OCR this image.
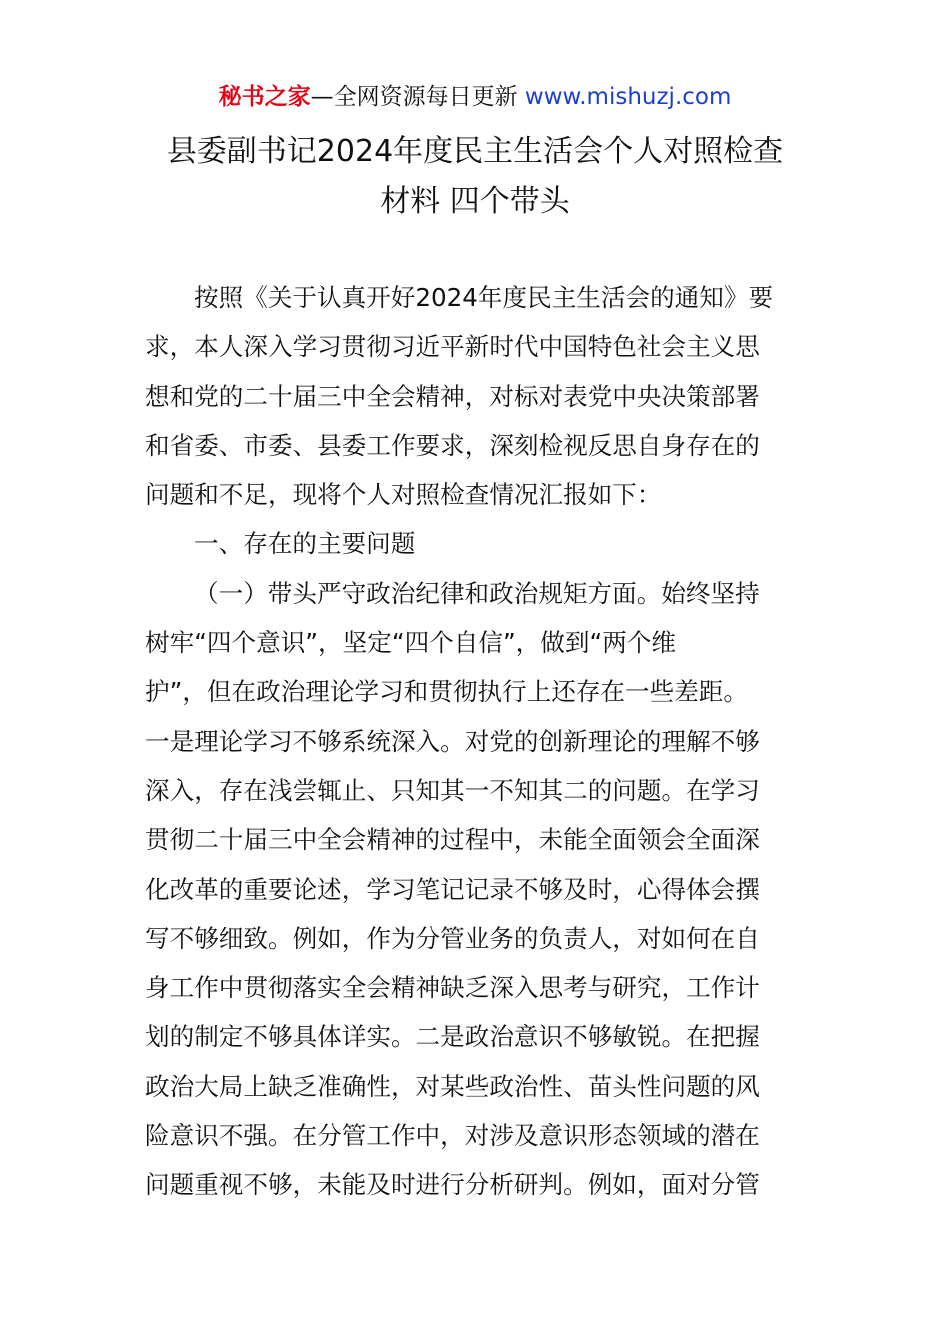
秘书之家—全网资源每日更新 www.mishuzj.com
县委副书记2024年度民主生活会个人对照检查
材料 四个带头
按照《关于认真开好2024年度民主生活会的通知》要
求，本人深入学习贯彻习近平新时代中国特色社会主义思
想和党的二十届三中全会精神，对标对表党中央决策部署
和省委、市委、县委工作要求，深刻检视反思自身存在的
问题和不足，现将个人对照检查情况汇报如下：
一、存在的主要问题
（一）带头严守政治纪律和政治规矩方面。始终坚持
树牢“四个意识”，坚定“四个自信”，做到“两个维
护”，但在政治理论学习和贯彻执行上还存在一些差距。
一是理论学习不够系统深入。对党的创新理论的理解不够
深入，存在浅尝辄止、只知其一不知其二的问题。在学习
贯彻二十届三中全会精神的过程中，未能全面领会全面深
化改革的重要论述，学习笔记记录不够及时，心得体会撰
写不够细致。例如，作为分管业务的负责人，对如何在自
身工作中贯彻落实全会精神缺乏深入思考与研究，工作计
划的制定不够具体详实。二是政治意识不够敏锐。在把握
政治大局上缺乏准确性，对某些政治性、苗头性问题的风
险意识不强。在分管工作中，对涉及意识形态领域的潜在
问题重视不够，未能及时进行分析研判。例如，面对分管
